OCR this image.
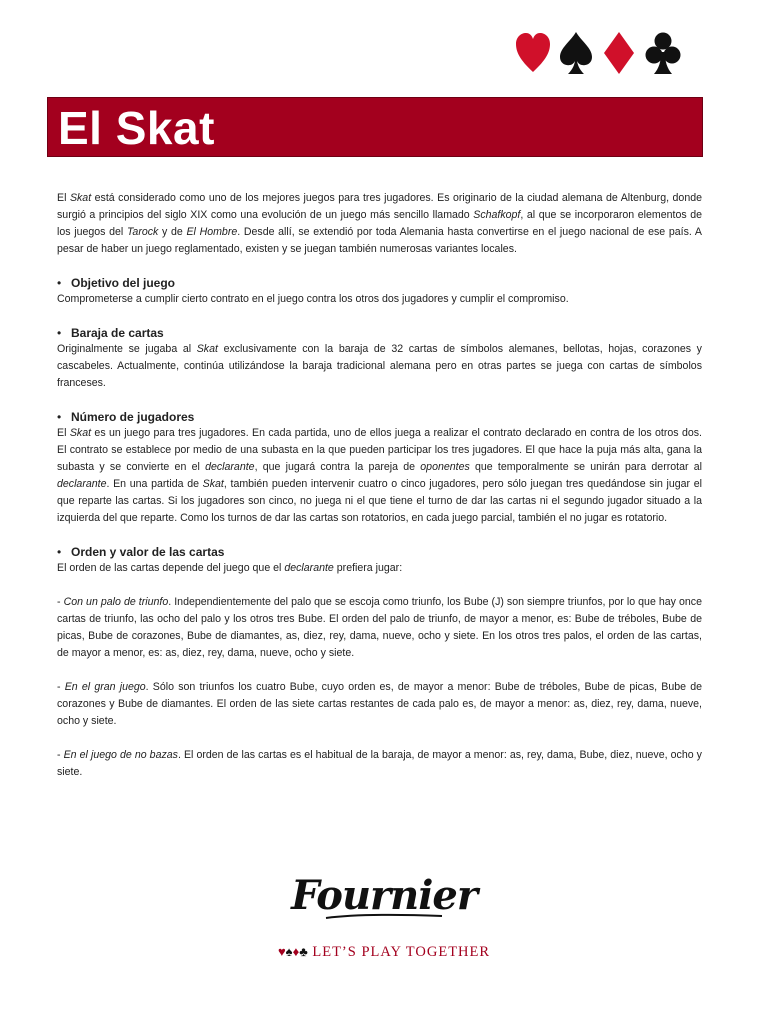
El Skat

El Skat está considerado como uno de los mejores juegos para tres jugadores. Es originario de la ciudad alemana de Altenburg, donde surgió a principios del siglo XIX como una evolución de un juego más sencillo llamado Schafkopf, al que se incorporaron elementos de los juegos del Tarock y de El Hombre. Desde allí, se extendió por toda Alemania hasta convertirse en el juego nacional de ese país. A pesar de haber un juego reglamentado, existen y se juegan también numerosas variantes locales.

• Objetivo del juego

Comprometerse a cumplir cierto contrato en el juego contra los otros dos jugadores y cumplir el compromiso.

• Baraja de cartas

Originalmente se jugaba al Skat exclusivamente con la baraja de 32 cartas de símbolos alemanes, bellotas, hojas, corazones y cascabeles. Actualmente, continúa utilizándose la baraja tradicional alemana pero en otras partes se juega con cartas de símbolos franceses.

• Número de jugadores

El Skat es un juego para tres jugadores. En cada partida, uno de ellos juega a realizar el contrato declarado en contra de los otros dos. El contrato se establece por medio de una subasta en la que pueden participar los tres jugadores. El que hace la puja más alta, gana la subasta y se convierte en el declarante, que jugará contra la pareja de oponentes que temporalmente se unirán para derrotar al declarante. En una partida de Skat, también pueden intervenir cuatro o cinco jugadores, pero sólo juegan tres quedándose sin jugar el que reparte las cartas. Si los jugadores son cinco, no juega ni el que tiene el turno de dar las cartas ni el segundo jugador situado a la izquierda del que reparte. Como los turnos de dar las cartas son rotatorios, en cada juego parcial, también el no jugar es rotatorio.

• Orden y valor de las cartas

El orden de las cartas depende del juego que el declarante prefiera jugar:

- Con un palo de triunfo. Independientemente del palo que se escoja como triunfo, los Bube (J) son siempre triunfos, por lo que hay once cartas de triunfo, las ocho del palo y los otros tres Bube. El orden del palo de triunfo, de mayor a menor, es: Bube de tréboles, Bube de picas, Bube de corazones, Bube de diamantes, as, diez, rey, dama, nueve, ocho y siete. En los otros tres palos, el orden de las cartas, de mayor a menor, es: as, diez, rey, dama, nueve, ocho y siete.

- En el gran juego. Sólo son triunfos los cuatro Bube, cuyo orden es, de mayor a menor: Bube de tréboles, Bube de picas, Bube de corazones y Bube de diamantes. El orden de las siete cartas restantes de cada palo es, de mayor a menor: as, diez, rey, dama, nueve, ocho y siete.

- En el juego de no bazas. El orden de las cartas es el habitual de la baraja, de mayor a menor: as, rey, dama, Bube, diez, nueve, ocho y siete.

Fournier
♥♠♦♣ LET’S PLAY TOGETHER
